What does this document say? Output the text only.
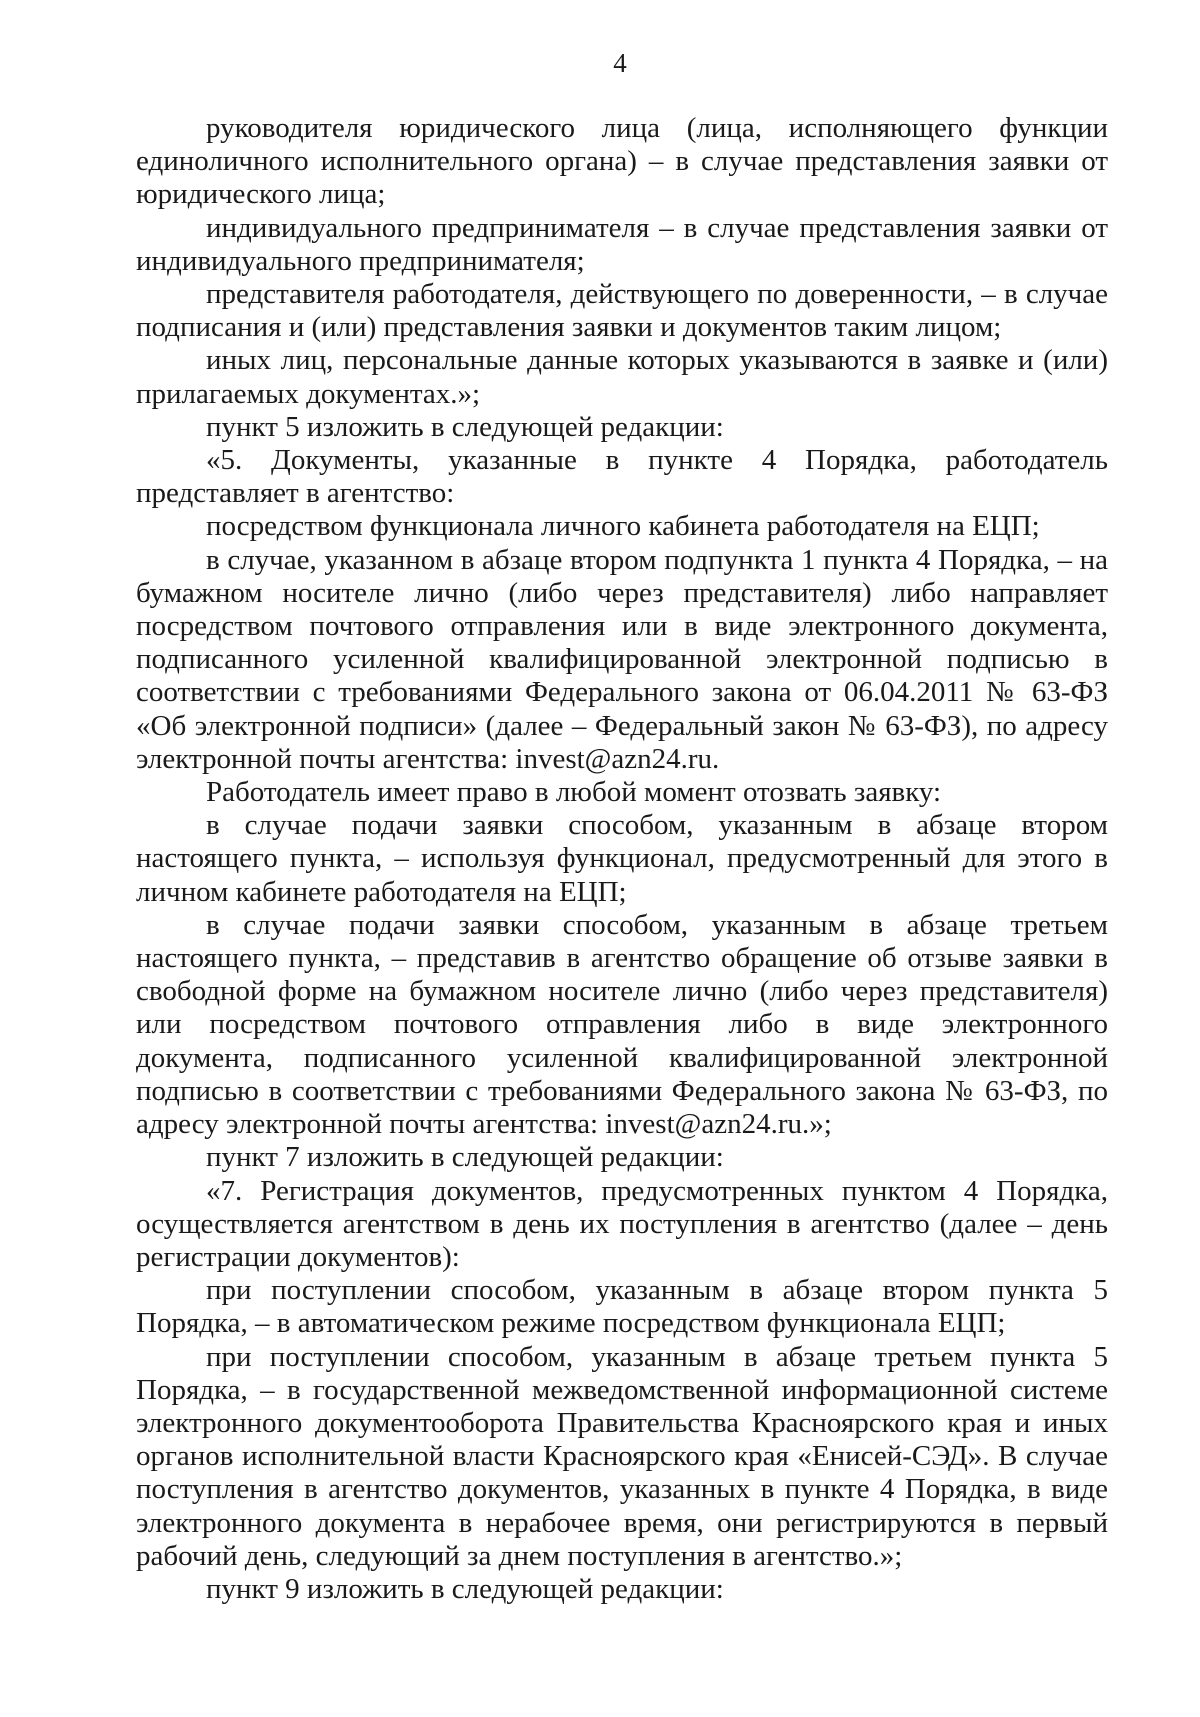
4

руководителя юридического лица (лица, исполняющего функции единоличного исполнительного органа) – в случае представления заявки от юридического лица;

индивидуального предпринимателя – в случае представления заявки от индивидуального предпринимателя;

представителя работодателя, действующего по доверенности, – в случае подписания и (или) представления заявки и документов таким лицом;

иных лиц, персональные данные которых указываются в заявке и (или) прилагаемых документах.»;

пункт 5 изложить в следующей редакции:

«5. Документы, указанные в пункте 4 Порядка, работодатель представляет в агентство:

посредством функционала личного кабинета работодателя на ЕЦП;

в случае, указанном в абзаце втором подпункта 1 пункта 4 Порядка, – на бумажном носителе лично (либо через представителя) либо направляет посредством почтового отправления или в виде электронного документа, подписанного усиленной квалифицированной электронной подписью в соответствии с требованиями Федерального закона от 06.04.2011 № 63-ФЗ «Об электронной подписи» (далее – Федеральный закон № 63-ФЗ), по адресу электронной почты агентства: invest@azn24.ru.

Работодатель имеет право в любой момент отозвать заявку:

в случае подачи заявки способом, указанным в абзаце втором настоящего пункта, – используя функционал, предусмотренный для этого в личном кабинете работодателя на ЕЦП;

в случае подачи заявки способом, указанным в абзаце третьем настоящего пункта, – представив в агентство обращение об отзыве заявки в свободной форме на бумажном носителе лично (либо через представителя) или посредством почтового отправления либо в виде электронного документа, подписанного усиленной квалифицированной электронной подписью в соответствии с требованиями Федерального закона № 63-ФЗ, по адресу электронной почты агентства: invest@azn24.ru.»;

пункт 7 изложить в следующей редакции:

«7. Регистрация документов, предусмотренных пунктом 4 Порядка, осуществляется агентством в день их поступления в агентство (далее – день регистрации документов):

при поступлении способом, указанным в абзаце втором пункта 5 Порядка, – в автоматическом режиме посредством функционала ЕЦП;

при поступлении способом, указанным в абзаце третьем пункта 5 Порядка, – в государственной межведомственной информационной системе электронного документооборота Правительства Красноярского края и иных органов исполнительной власти Красноярского края «Енисей-СЭД». В случае поступления в агентство документов, указанных в пункте 4 Порядка, в виде электронного документа в нерабочее время, они регистрируются в первый рабочий день, следующий за днем поступления в агентство.»;

пункт 9 изложить в следующей редакции:
